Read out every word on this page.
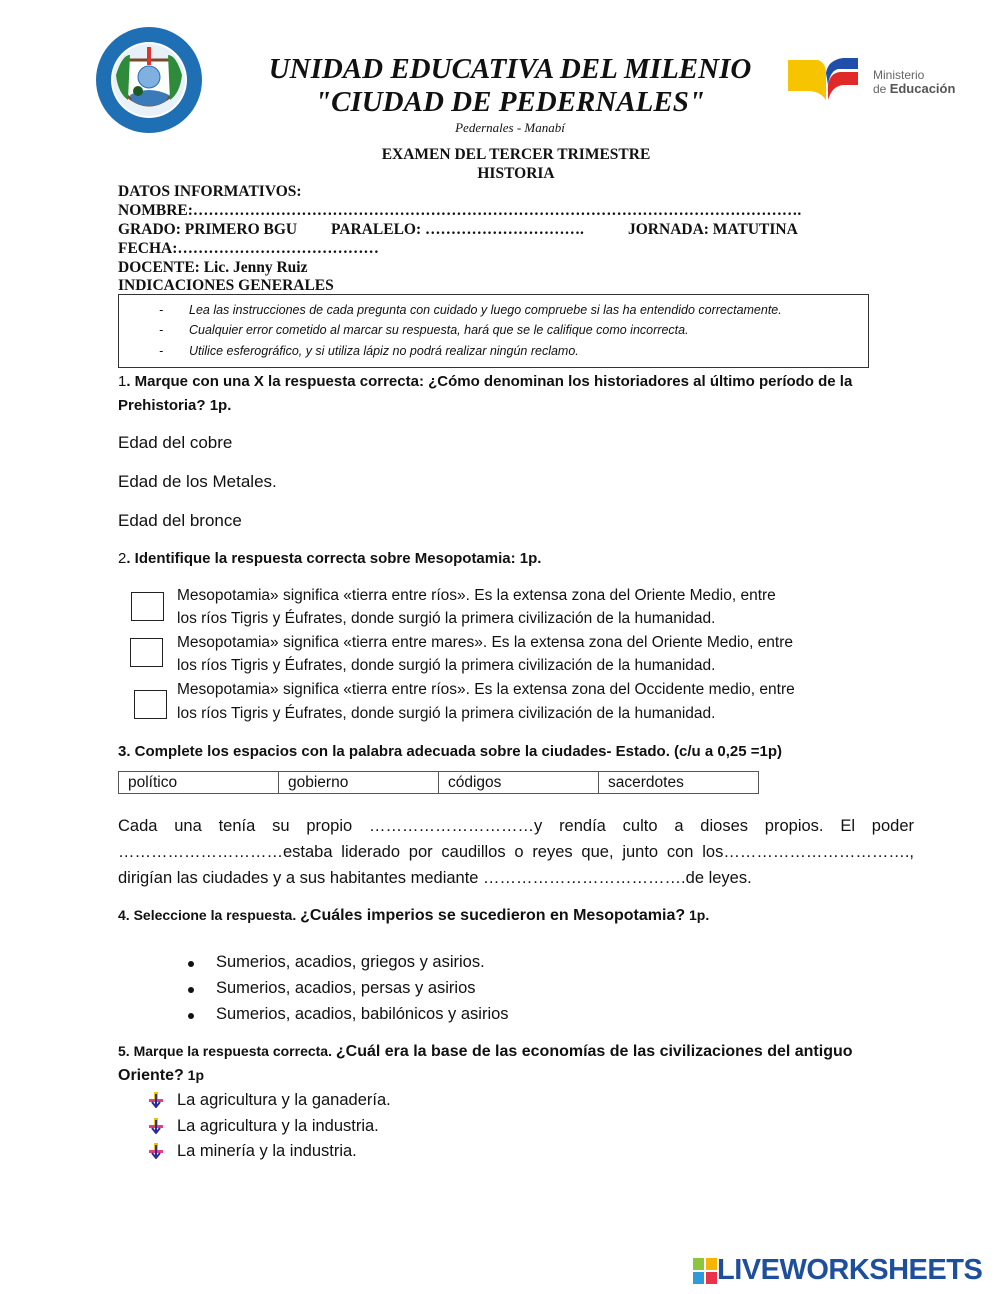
UNIDAD EDUCATIVA DEL MILENIO
"CIUDAD DE PEDERNALES"
Pedernales - Manabí
Ministerio
de Educación
EXAMEN DEL TERCER TRIMESTRE
HISTORIA
DATOS INFORMATIVOS:
NOMBRE:……………………………………………………………………………………………………….
GRADO: PRIMERO BGU PARALELO: ………………………….	JORNADA: MATUTINA
FECHA:…………………………………
DOCENTE: Lic. Jenny Ruiz
INDICACIONES GENERALES
- Lea las instrucciones de cada pregunta con cuidado y luego compruebe si las ha entendido correctamente.
- Cualquier error cometido al marcar su respuesta, hará que se le califique como incorrecta.
- Utilice esferográfico, y si utiliza lápiz no podrá realizar ningún reclamo.
1. Marque con una X la respuesta correcta: ¿Cómo denominan los historiadores al último período de la
Prehistoria? 1p.
Edad del cobre
Edad de los Metales.
Edad del bronce
2. Identifique la respuesta correcta sobre Mesopotamia: 1p.
Mesopotamia» significa «tierra entre ríos». Es la extensa zona del Oriente Medio, entre
los ríos Tigris y Éufrates, donde surgió la primera civilización de la humanidad.
Mesopotamia» significa «tierra entre mares». Es la extensa zona del Oriente Medio, entre
los ríos Tigris y Éufrates, donde surgió la primera civilización de la humanidad.
Mesopotamia» significa «tierra entre ríos». Es la extensa zona del Occidente medio, entre
los ríos Tigris y Éufrates, donde surgió la primera civilización de la humanidad.
3. Complete los espacios con la palabra adecuada sobre la ciudades- Estado. (c/u a 0,25 =1p)
político	gobierno	códigos	sacerdotes
Cada una tenía su propio …………………………y rendía culto a dioses propios. El poder …………………………estaba liderado por caudillos o reyes que, junto con los……………………………., dirigían las ciudades y a sus habitantes mediante ……………………………….de leyes.
4. Seleccione la respuesta. ¿Cuáles imperios se sucedieron en Mesopotamia? 1p.
Sumerios, acadios, griegos y asirios.
Sumerios, acadios, persas y asirios
Sumerios, acadios, babilónicos y asirios
5. Marque la respuesta correcta. ¿Cuál era la base de las economías de las civilizaciones del antiguo
Oriente? 1p
La agricultura y la ganadería.
La agricultura y la industria.
La minería y la industria.
LIVEWORKSHEETS
